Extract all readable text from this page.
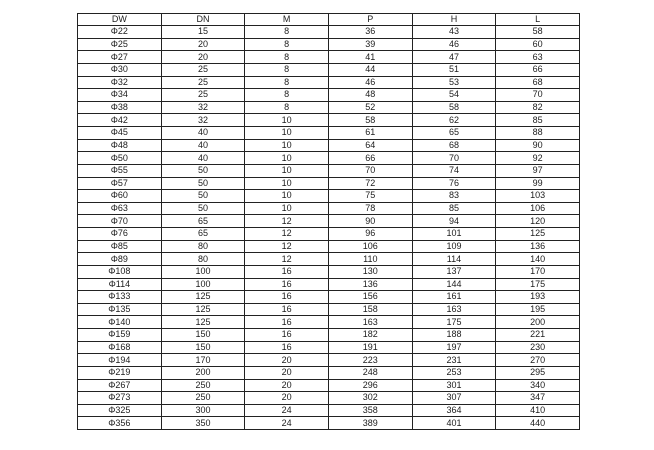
DW	DN	M	P	H	L
Φ22	15	8	36	43	58
Φ25	20	8	39	46	60
Φ27	20	8	41	47	63
Φ30	25	8	44	51	66
Φ32	25	8	46	53	68
Φ34	25	8	48	54	70
Φ38	32	8	52	58	82
Φ42	32	10	58	62	85
Φ45	40	10	61	65	88
Φ48	40	10	64	68	90
Φ50	40	10	66	70	92
Φ55	50	10	70	74	97
Φ57	50	10	72	76	99
Φ60	50	10	75	83	103
Φ63	50	10	78	85	106
Φ70	65	12	90	94	120
Φ76	65	12	96	101	125
Φ85	80	12	106	109	136
Φ89	80	12	110	114	140
Φ108	100	16	130	137	170
Φ114	100	16	136	144	175
Φ133	125	16	156	161	193
Φ135	125	16	158	163	195
Φ140	125	16	163	175	200
Φ159	150	16	182	188	221
Φ168	150	16	191	197	230
Φ194	170	20	223	231	270
Φ219	200	20	248	253	295
Φ267	250	20	296	301	340
Φ273	250	20	302	307	347
Φ325	300	24	358	364	410
Φ356	350	24	389	401	440
